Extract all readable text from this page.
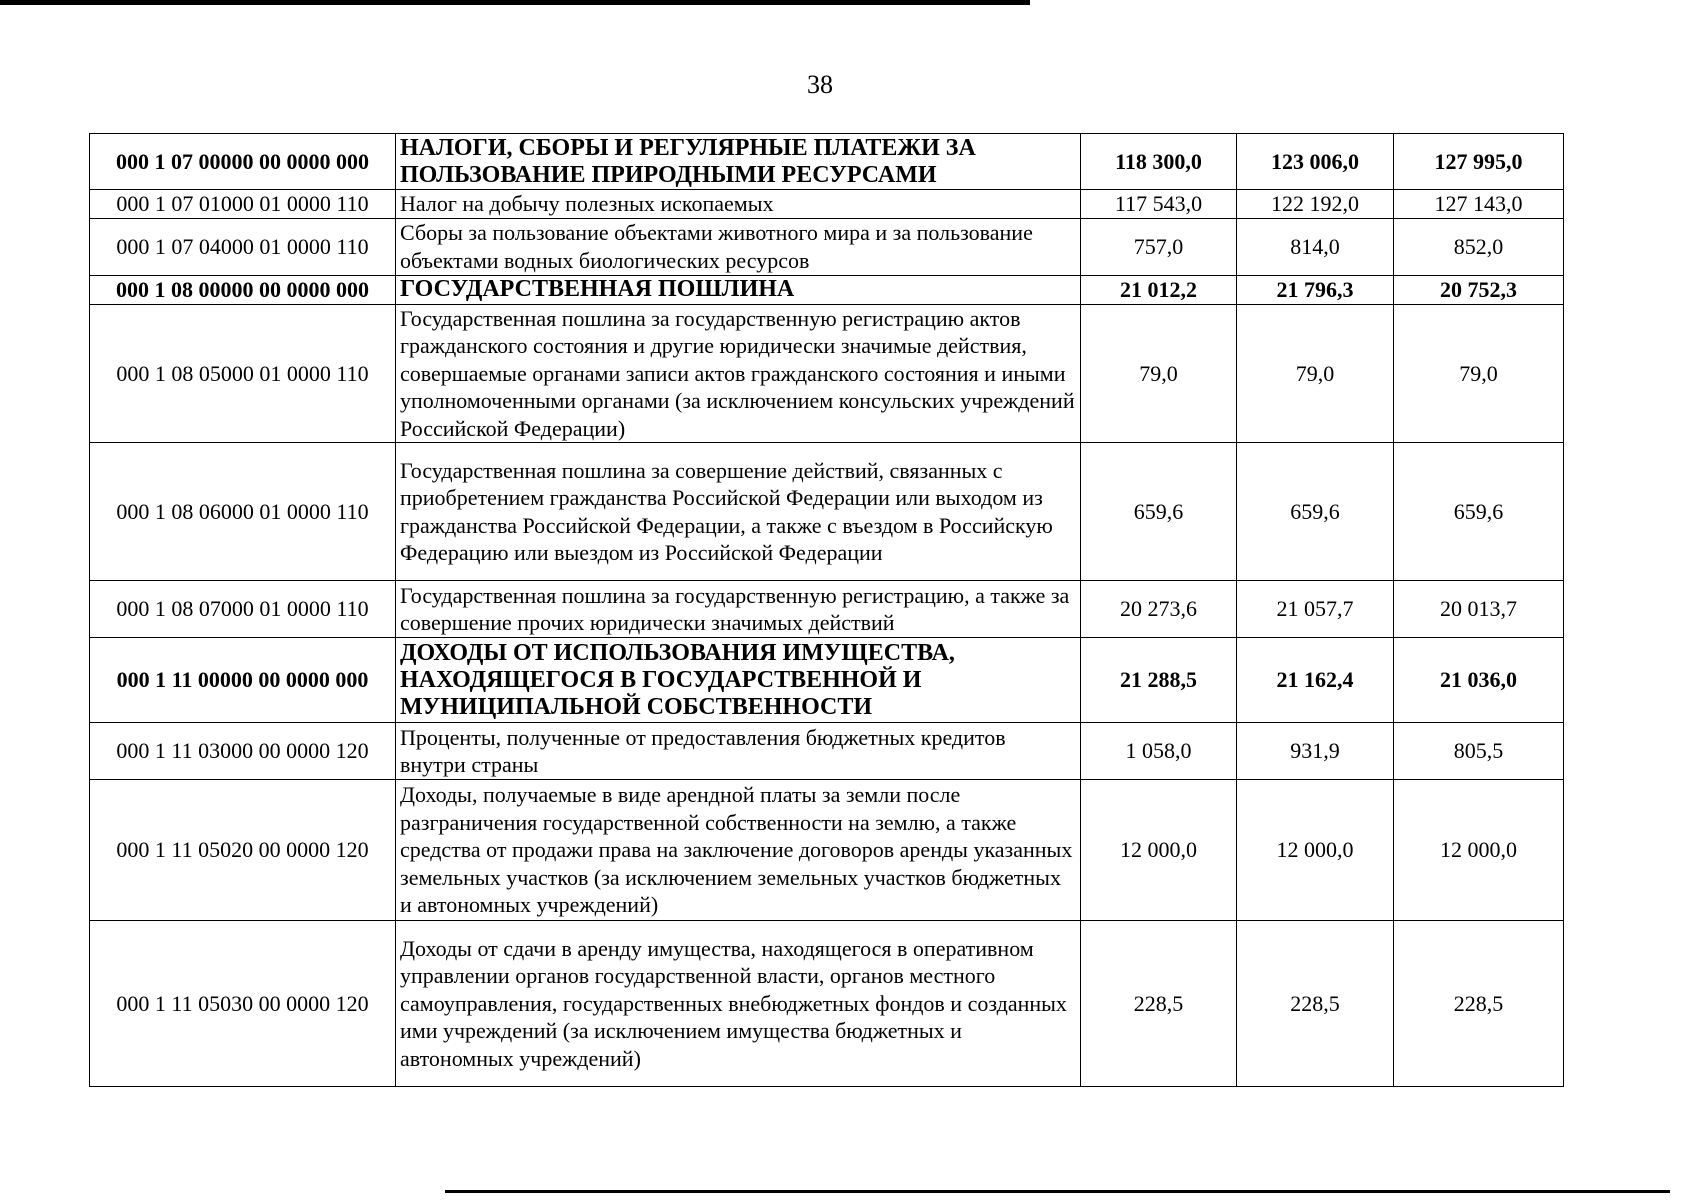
38
000 1 07 00000 00 0000 000	НАЛОГИ, СБОРЫ И РЕГУЛЯРНЫЕ ПЛАТЕЖИ ЗА ПОЛЬЗОВАНИЕ ПРИРОДНЫМИ РЕСУРСАМИ	118 300,0	123 006,0	127 995,0
000 1 07 01000 01 0000 110	Налог на добычу полезных ископаемых	117 543,0	122 192,0	127 143,0
000 1 07 04000 01 0000 110	Сборы за пользование объектами животного мира и за пользование объектами водных биологических ресурсов	757,0	814,0	852,0
000 1 08 00000 00 0000 000	ГОСУДАРСТВЕННАЯ ПОШЛИНА	21 012,2	21 796,3	20 752,3
000 1 08 05000 01 0000 110	Государственная пошлина за государственную регистрацию актов гражданского состояния и другие юридически значимые действия, совершаемые органами записи актов гражданского состояния и иными уполномоченными органами (за исключением консульских учреждений Российской Федерации)	79,0	79,0	79,0
000 1 08 06000 01 0000 110	Государственная пошлина за совершение действий, связанных с приобретением гражданства Российской Федерации или выходом из гражданства Российской Федерации, а также с въездом в Российскую Федерацию или выездом из Российской Федерации	659,6	659,6	659,6
000 1 08 07000 01 0000 110	Государственная пошлина за государственную регистрацию, а также за совершение прочих юридически значимых действий	20 273,6	21 057,7	20 013,7
000 1 11 00000 00 0000 000	ДОХОДЫ ОТ ИСПОЛЬЗОВАНИЯ ИМУЩЕСТВА, НАХОДЯЩЕГОСЯ В ГОСУДАРСТВЕННОЙ И МУНИЦИПАЛЬНОЙ СОБСТВЕННОСТИ	21 288,5	21 162,4	21 036,0
000 1 11 03000 00 0000 120	Проценты, полученные от предоставления бюджетных кредитов внутри страны	1 058,0	931,9	805,5
000 1 11 05020 00 0000 120	Доходы, получаемые в виде арендной платы за земли после разграничения государственной собственности на землю, а также средства от продажи права на заключение договоров аренды указанных земельных участков (за исключением земельных участков бюджетных и автономных учреждений)	12 000,0	12 000,0	12 000,0
000 1 11 05030 00 0000 120	Доходы от сдачи в аренду имущества, находящегося в оперативном управлении органов государственной власти, органов местного самоуправления, государственных внебюджетных фондов и созданных ими учреждений (за исключением имущества бюджетных и автономных учреждений)	228,5	228,5	228,5
